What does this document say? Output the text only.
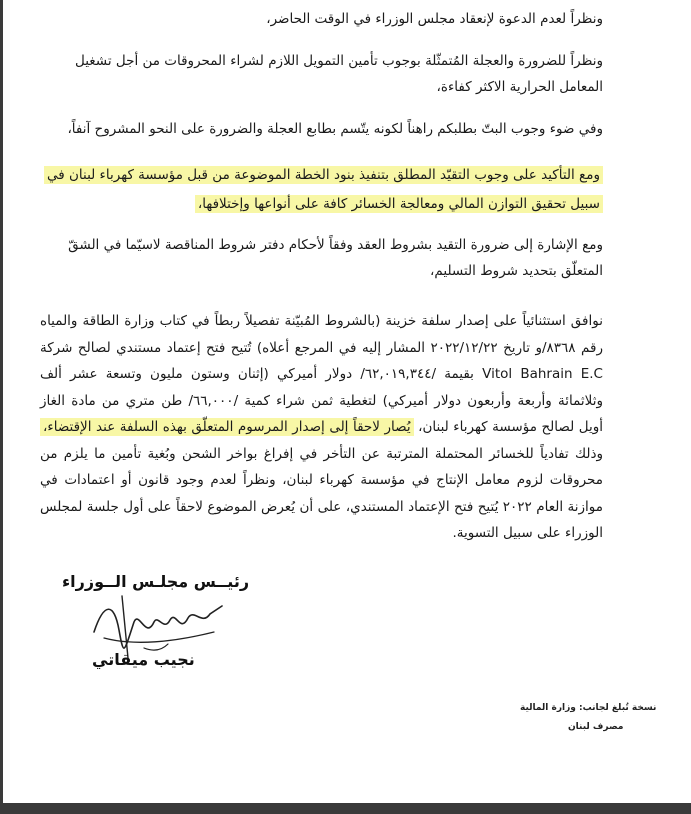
ونظراً لعدم الدعوة لإنعقاد مجلس الوزراء في الوقت الحاضر،
ونظراً للضرورة والعجلة المُتمثّلة بوجوب تأمين التمويل اللازم لشراء المحروقات من أجل تشغيل المعامل الحرارية الاكثر كفاءة،
وفي ضوء وجوب البتّ بطلبكم راهناً لكونه يتّسم بطابع العجلة والضرورة على النحو المشروح آنفاً،
ومع التأكيد على وجوب التقيّد المطلق بتنفيذ بنود الخطة الموضوعة من قبل مؤسسة كهرباء لبنان في سبيل تحقيق التوازن المالي ومعالجة الخسائر كافة على أنواعها وإختلافها،
ومع الإشارة إلى ضرورة التقيد بشروط العقد وفقاً لأحكام دفتر شروط المناقصة لاسيّما في الشقّ المتعلّق بتحديد شروط التسليم،
نوافق استثنائياً على إصدار سلفة خزينة (بالشروط المُبيّنة تفصيلاً ربطاً في كتاب وزارة الطاقة والمياه رقم ٨٣٦٨/و تاريخ ٢٠٢٢/١٢/٢٢ المشار إليه في المرجع أعلاه) تُتيح فتح إعتماد مستندي لصالح شركة Vitol Bahrain E.C بقيمة /٦٢,٠١٩,٣٤٤/ دولار أميركي (إثنان وستون مليون وتسعة عشر ألف وثلاثمائة وأربعة وأربعون دولار أميركي) لتغطية ثمن شراء كمية /٦٦,٠٠٠/ طن متري من مادة الغاز أويل لصالح مؤسسة كهرباء لبنان، يُصار لاحقاً إلى إصدار المرسوم المتعلّق بهذه السلفة عند الإقتضاء، وذلك تفادياً للخسائر المحتملة المترتبة عن التأخر في إفراغ بواخر الشحن وبُغية تأمين ما يلزم من محروقات لزوم معامل الإنتاج في مؤسسة كهرباء لبنان، ونظراً لعدم وجود قانون أو اعتمادات في موازنة العام ٢٠٢٢ يُتيح فتح الإعتماد المستندي، على أن يُعرض الموضوع لاحقاً على أول جلسة لمجلس الوزراء على سبيل التسوية.
رئيــس مجلـس الــوزراء
نجيب ميقاتي
نسخة تُبلغ لجانب: وزارة المالية
مصرف لبنان
